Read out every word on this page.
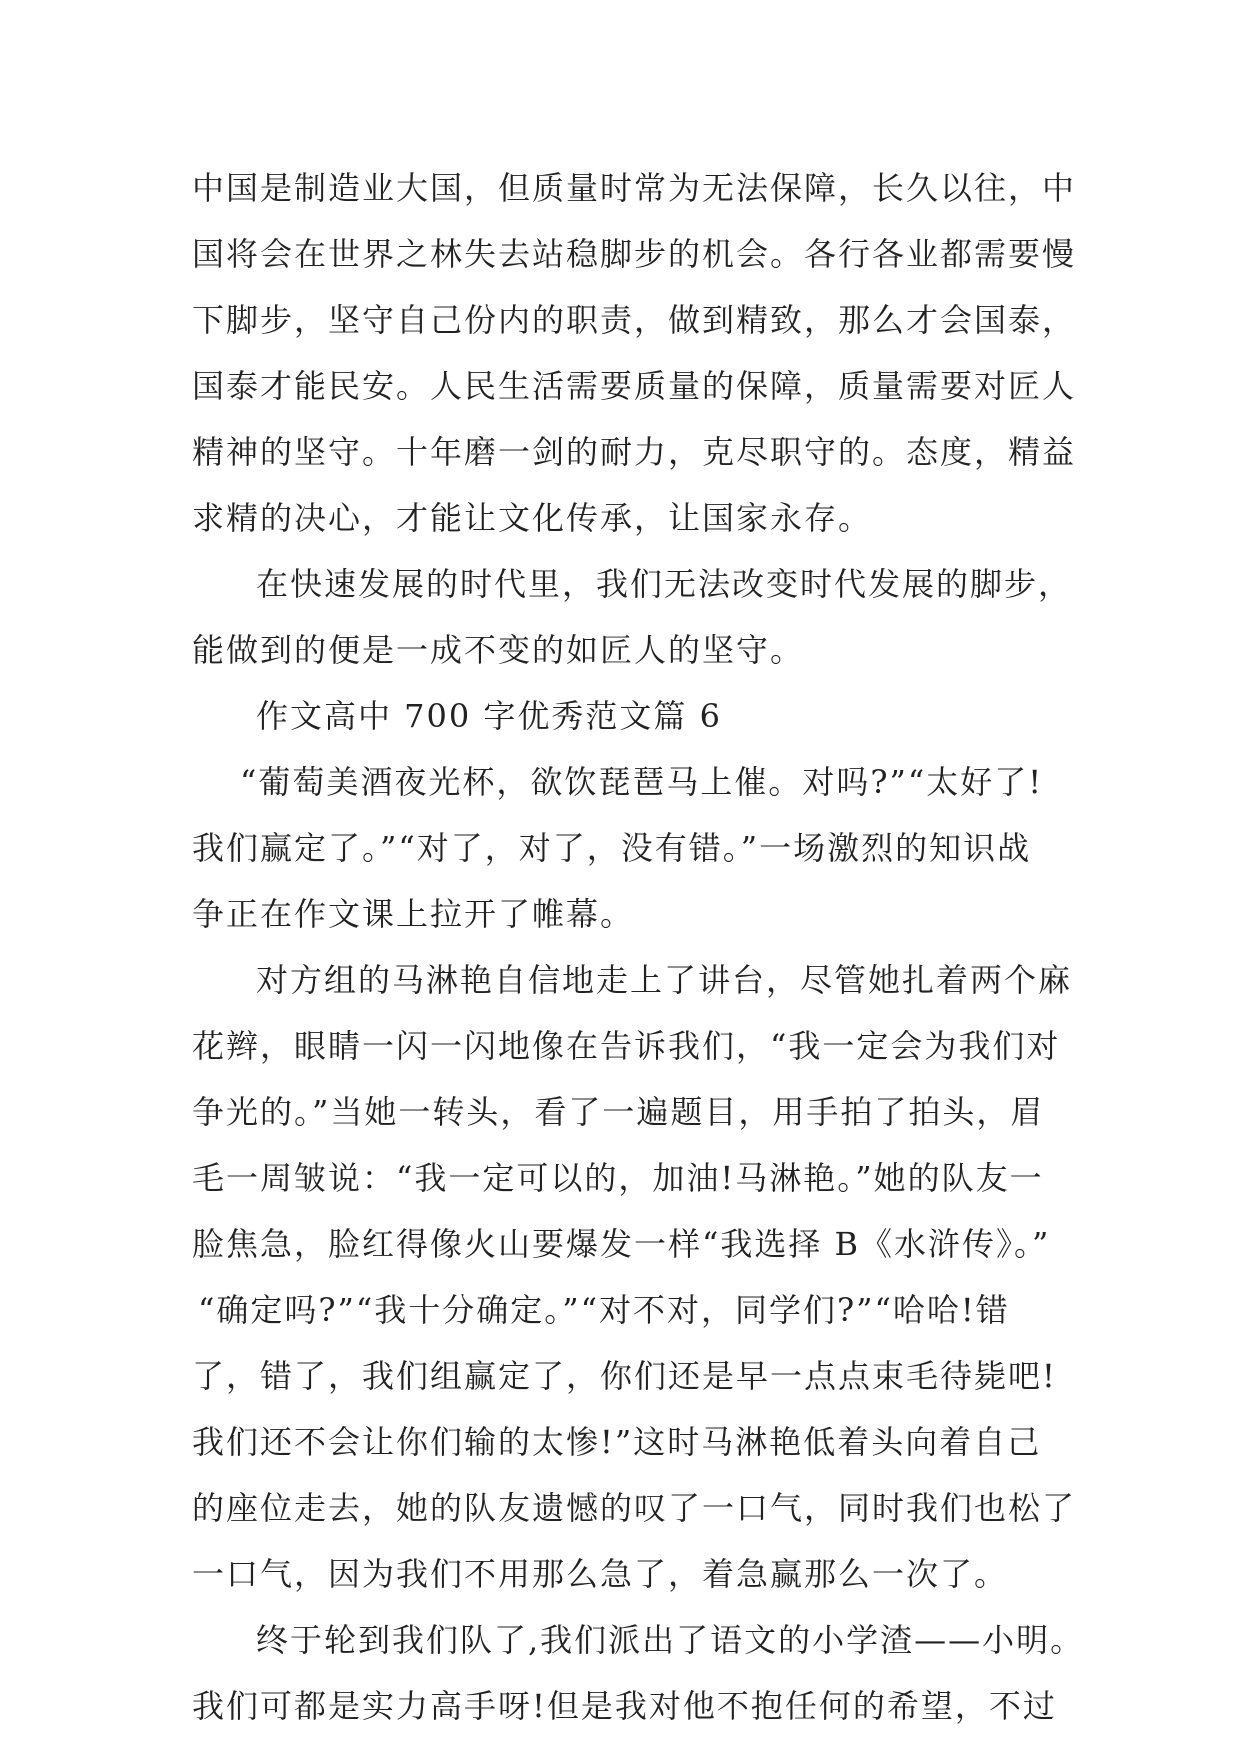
中国是制造业大国，但质量时常为无法保障，长久以往，中
国将会在世界之林失去站稳脚步的机会。各行各业都需要慢
下脚步，坚守自己份内的职责，做到精致，那么才会国泰，
国泰才能民安。人民生活需要质量的保障，质量需要对匠人
精神的坚守。十年磨一剑的耐力，克尽职守的。态度，精益
求精的决心，才能让文化传承，让国家永存。
在快速发展的时代里，我们无法改变时代发展的脚步，
能做到的便是一成不变的如匠人的坚守。
作文高中 700 字优秀范文篇 6
“葡萄美酒夜光杯，欲饮琵琶马上催。对吗?”“太好了!
我们赢定了。”“对了，对了，没有错。”一场激烈的知识战
争正在作文课上拉开了帷幕。
对方组的马淋艳自信地走上了讲台，尽管她扎着两个麻
花辫，眼睛一闪一闪地像在告诉我们，“我一定会为我们对
争光的。”当她一转头，看了一遍题目，用手拍了拍头，眉
毛一周皱说：“我一定可以的，加油!马淋艳。”她的队友一
脸焦急，脸红得像火山要爆发一样“我选择 B《水浒传》。”
“确定吗?”“我十分确定。”“对不对，同学们?”“哈哈!错
了，错了，我们组赢定了，你们还是早一点点束毛待毙吧!
我们还不会让你们输的太惨!”这时马淋艳低着头向着自己
的座位走去，她的队友遗憾的叹了一口气，同时我们也松了
一口气，因为我们不用那么急了，着急赢那么一次了。
终于轮到我们队了,我们派出了语文的小学渣——小明。
我们可都是实力高手呀!但是我对他不抱任何的希望，不过
